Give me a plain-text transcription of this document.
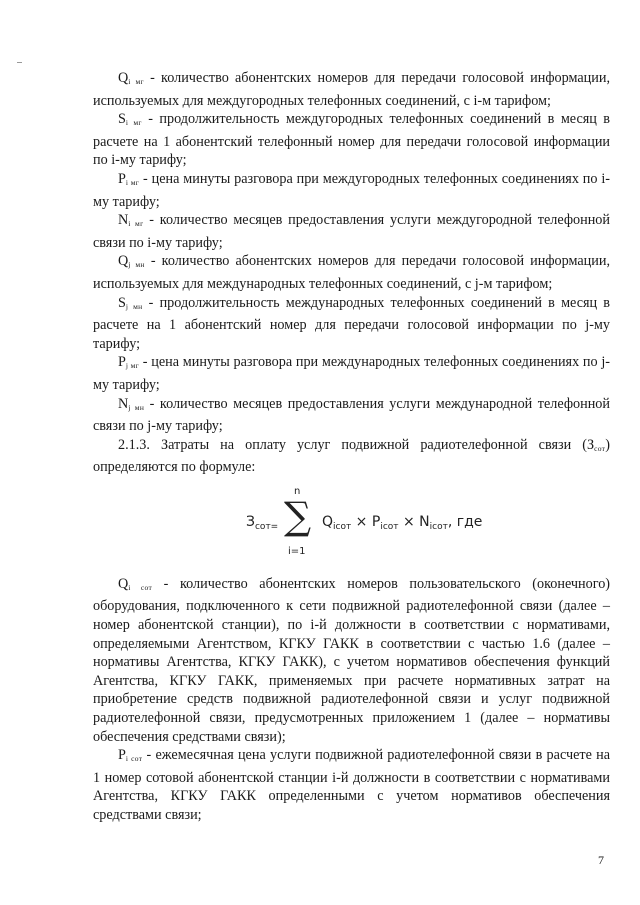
$Q_{i мг}$ - количество абонентских номеров для передачи голосовой информации, используемых для междугородных телефонных соединений, с i-м тарифом;

$S_{i мг}$ - продолжительность междугородных телефонных соединений в месяц в расчете на 1 абонентский телефонный номер для передачи голосовой информации по i-му тарифу;

$P_{i мг}$ - цена минуты разговора при междугородных телефонных соединениях по i-му тарифу;

$N_{i мг}$ - количество месяцев предоставления услуги междугородной телефонной связи по i-му тарифу;

$Q_{j мн}$ - количество абонентских номеров для передачи голосовой информации, используемых для международных телефонных соединений, с j-м тарифом;

$S_{j мн}$ - продолжительность международных телефонных соединений в месяц в расчете на 1 абонентский номер для передачи голосовой информации по j-му тарифу;

$P_{j мг}$ - цена минуты разговора при международных телефонных соединениях по j-му тарифу;

$N_{j мн}$ - количество месяцев предоставления услуги международной телефонной связи по j-му тарифу;

2.1.3. Затраты на оплату услуг подвижной радиотелефонной связи $(З_{сот})$ определяются по формуле:

$З_{сот=}$
n
∑
i=1
$Q_{iсот} \times P_{iсот} \times N_{iсот}$, где

$Q_{i сот}$ - количество абонентских номеров пользовательского (оконечного) оборудования, подключенного к сети подвижной радиотелефонной связи (далее – номер абонентской станции), по i-й должности в соответствии с нормативами, определяемыми Агентством, КГКУ ГАКК в соответствии с частью 1.6 (далее – нормативы Агентства, КГКУ ГАКК), с учетом нормативов обеспечения функций Агентства, КГКУ ГАКК, применяемых при расчете нормативных затрат на приобретение средств подвижной радиотелефонной связи и услуг подвижной радиотелефонной связи, предусмотренных приложением 1 (далее – нормативы обеспечения средствами связи);

$P_{i сот}$ - ежемесячная цена услуги подвижной радиотелефонной связи в расчете на 1 номер сотовой абонентской станции i-й должности в соответствии с нормативами Агентства, КГКУ ГАКК определенными с учетом нормативов обеспечения средствами связи;

7
